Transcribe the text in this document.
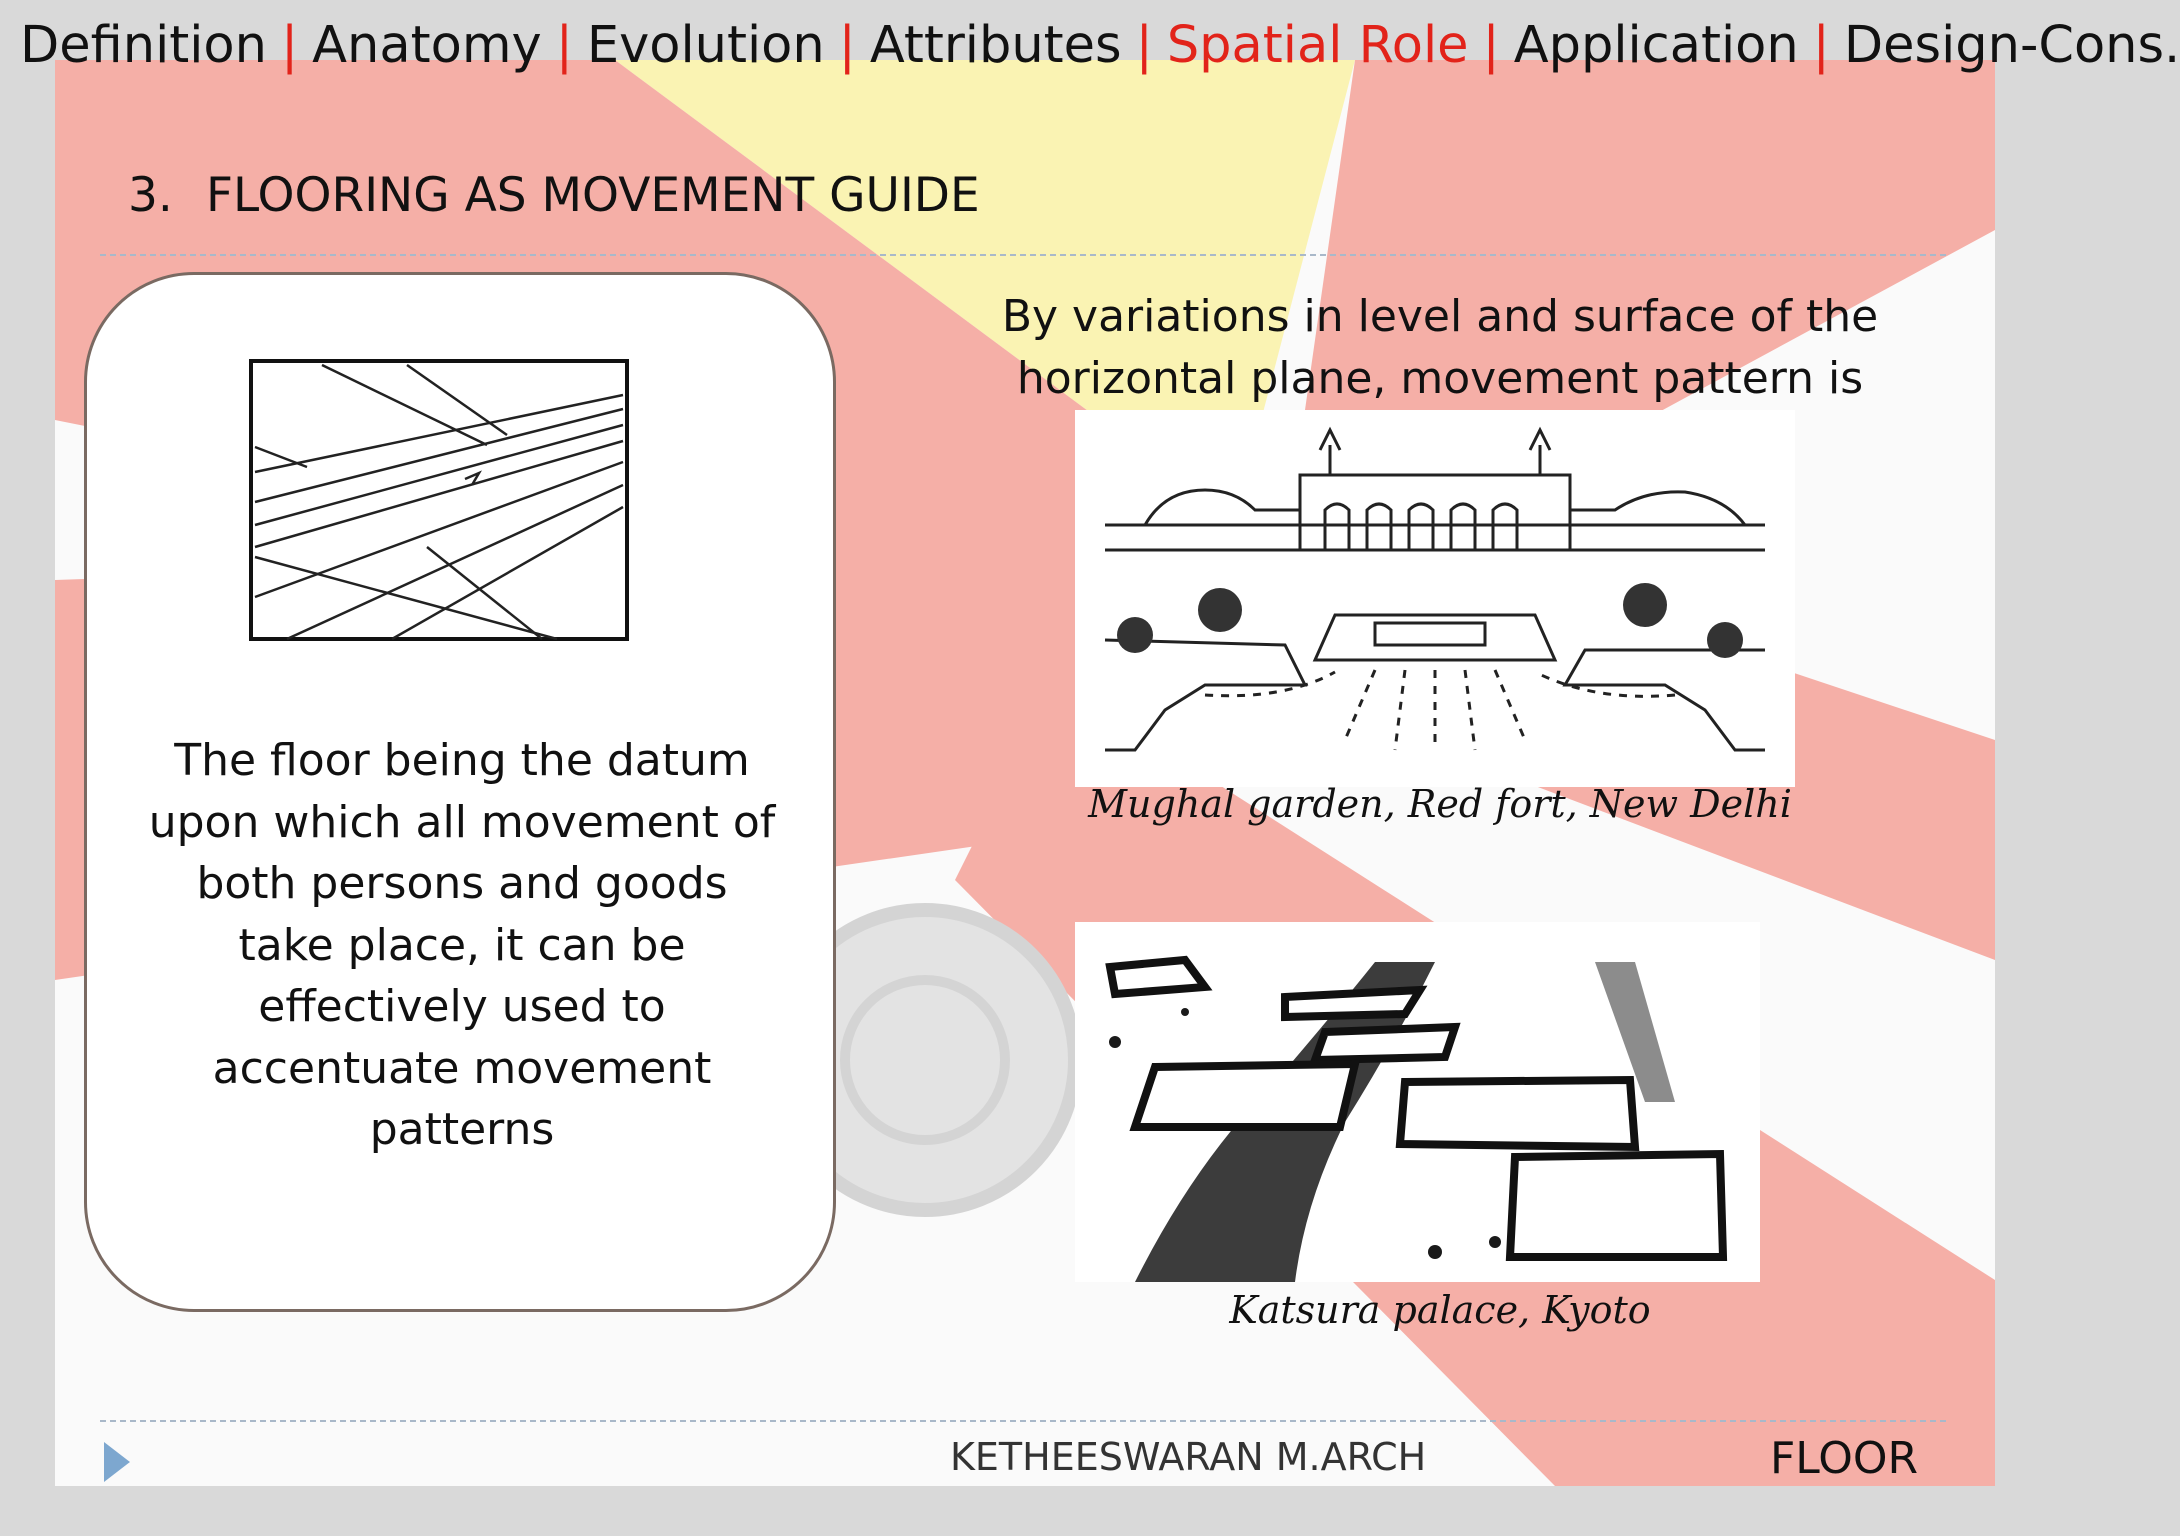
Definition | Anatomy | Evolution | Attributes | Spatial Role | Application | Design-Cons.
3. FLOORING AS MOVEMENT GUIDE
The floor being the datum upon which all movement of both persons and goods take place, it can be effectively used to accentuate movement patterns
By variations in level and surface of the horizontal plane, movement pattern is
Mughal garden, Red fort, New Delhi
Katsura palace, Kyoto
KETHEESWARAN M.ARCH	FLOOR
